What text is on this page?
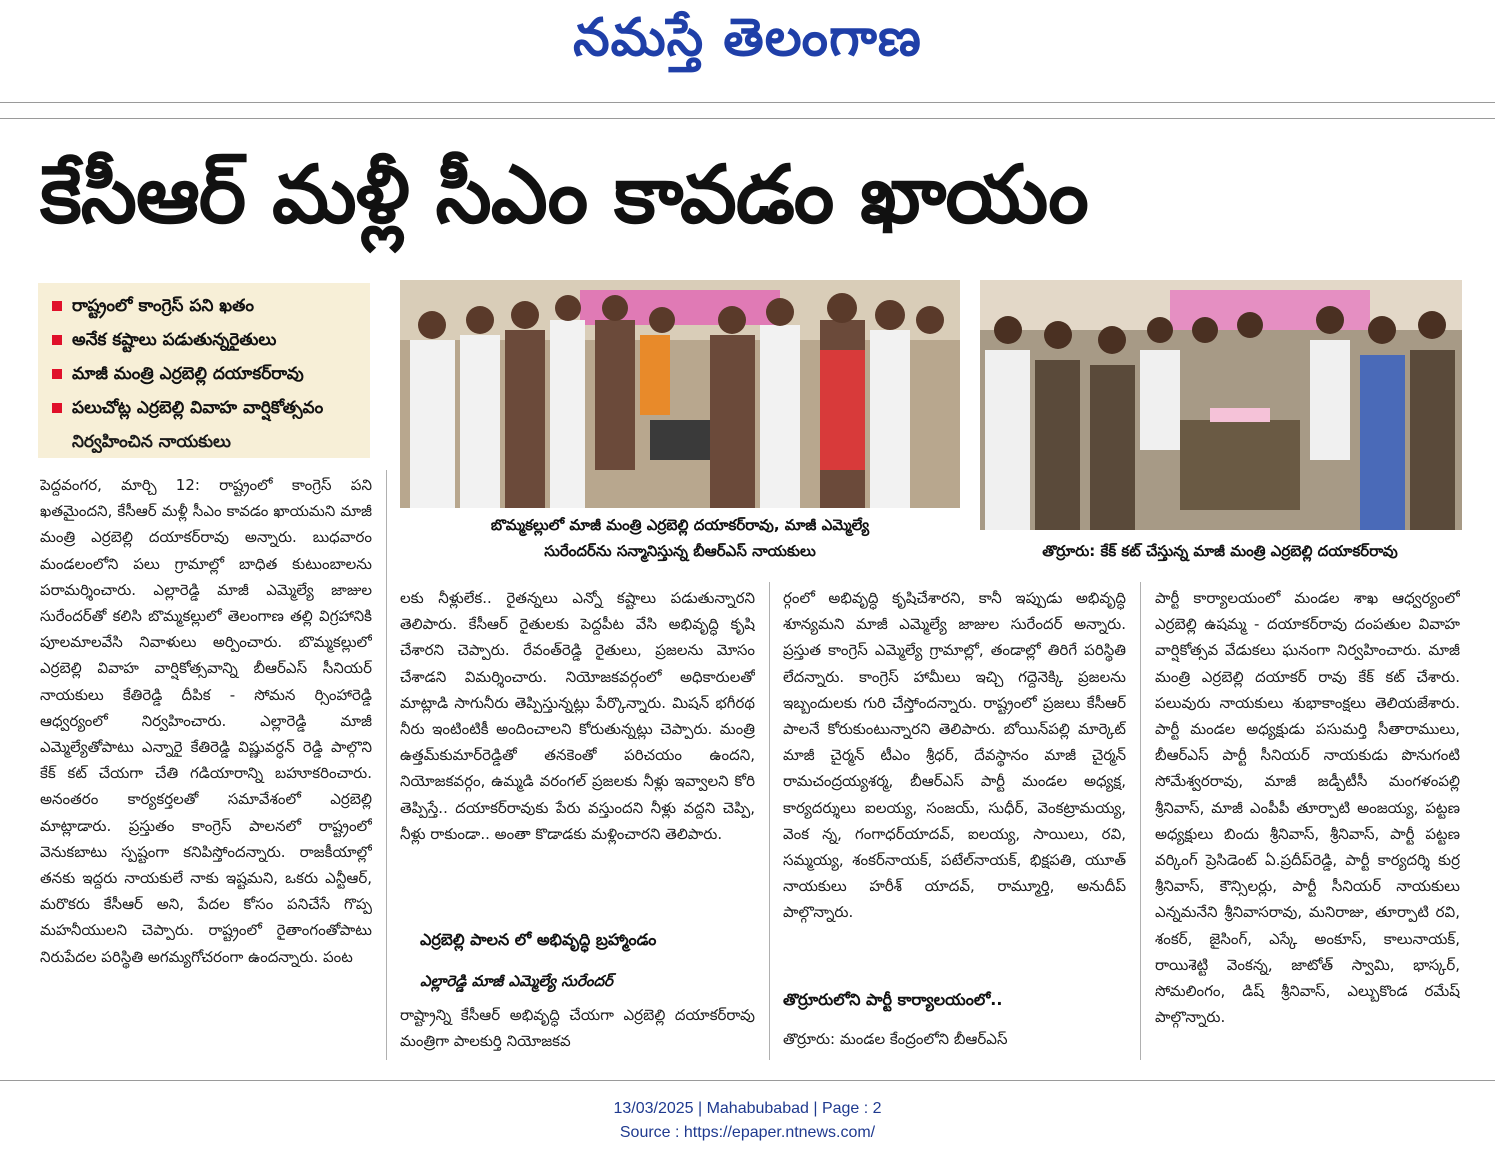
నమస్తే తెలంగాణ
కేసీఆర్ మళ్లీ సీఎం కావడం ఖాయం
రాష్ట్రంలో కాంగ్రెస్ పని ఖతం
అనేక కష్టాలు పడుతున్నరైతులు
మాజీ మంత్రి ఎర్రబెల్లి దయాకర్‌రావు
పలుచోట్ల ఎర్రబెల్లి వివాహ వార్షికోత్సవం
నిర్వహించిన నాయకులు
బొమ్మకల్లులో మాజీ మంత్రి ఎర్రబెల్లి దయాకర్‌రావు, మాజీ ఎమ్మెల్యే
సురేందర్‌ను సన్మానిస్తున్న బీఆర్‌ఎస్ నాయకులు	తొర్రూరు: కేక్ కట్ చేస్తున్న మాజీ మంత్రి ఎర్రబెల్లి దయాకర్‌రావు

పెద్దవంగర, మార్చి 12: రాష్ట్రంలో కాంగ్రెస్ పని ఖతమైందని, కేసీఆర్ మళ్లీ సీఎం కావడం ఖాయమని మాజీ మంత్రి ఎర్రబెల్లి దయాకర్‌రావు అన్నారు. బుధవారం మండలంలోని పలు గ్రామాల్లో బాధిత కుటుంబాలను పరామర్శించారు. ఎల్లారెడ్డి మాజీ ఎమ్మెల్యే జాజుల సురేందర్‌తో కలిసి బొమ్మకల్లులో తెలంగాణ తల్లి విగ్రహానికి పూలమాలవేసి నివాళులు అర్పించారు. బొమ్మకల్లులో ఎర్రబెల్లి వివాహ వార్షికోత్సవాన్ని బీఆర్‌ఎస్ సీనియర్ నాయకులు కేతిరెడ్డి దీపిక - సోమన ర్సింహారెడ్డి ఆధ్వర్యంలో నిర్వహించారు. ఎల్లారెడ్డి మాజీ ఎమ్మెల్యేతోపాటు ఎన్నారై కేతిరెడ్డి విష్ణువర్ధన్ రెడ్డి పాల్గొని కేక్ కట్ చేయగా చేతి గడియారాన్ని బహూకరించారు. అనంతరం కార్యకర్తలతో సమావేశంలో ఎర్రబెల్లి మాట్లాడారు. ప్రస్తుతం కాంగ్రెస్ పాలనలో రాష్ట్రంలో వెనుకబాటు స్పష్టంగా కనిపిస్తోందన్నారు. రాజకీయాల్లో తనకు ఇద్దరు నాయకులే నాకు ఇష్టమని, ఒకరు ఎన్టీఆర్, మరొకరు కేసీఆర్ అని, పేదల కోసం పనిచేసే గొప్ప మహనీయులని చెప్పారు. రాష్ట్రంలో రైతాంగంతోపాటు నిరుపేదల పరిస్థితి అగమ్యగోచరంగా ఉందన్నారు. పంట

లకు నీళ్లులేక.. రైతన్నలు ఎన్నో కష్టాలు పడుతున్నారని తెలిపారు. కేసీఆర్ రైతులకు పెద్దపీట వేసి అభివృద్ధి కృషి చేశారని చెప్పారు. రేవంత్‌రెడ్డి రైతులు, ప్రజలను మోసం చేశాడని విమర్శించారు. నియోజకవర్గంలో అధికారులతో మాట్లాడి సాగునీరు తెప్పిస్తున్నట్లు పేర్కొన్నారు. మిషన్ భగీరథ నీరు ఇంటింటికీ అందించాలని కోరుతున్నట్లు చెప్పారు. మంత్రి ఉత్తమ్‌కుమార్‌రెడ్డితో తనకెంతో పరిచయం ఉందని, నియోజకవర్గం, ఉమ్మడి వరంగల్ ప్రజలకు నీళ్లు ఇవ్వాలని కోరి తెప్పిస్తే.. దయాకర్‌రావుకు పేరు వస్తుందని నీళ్లు వద్దని చెప్పి, నీళ్లు రాకుండా.. అంతా కొడాడకు మళ్లించారని తెలిపారు.

ఎర్రబెల్లి పాలన లో అభివృద్ధి బ్రహ్మాండం
ఎల్లారెడ్డి మాజీ ఎమ్మెల్యే సురేందర్

రాష్ట్రాన్ని కేసీఆర్ అభివృద్ధి చేయగా ఎర్రబెల్లి దయాకర్‌రావు మంత్రిగా పాలకుర్తి నియోజకవ

ర్గంలో అభివృద్ధి కృషిచేశారని, కానీ ఇప్పుడు అభివృద్ధి శూన్యమని మాజీ ఎమ్మెల్యే జాజుల సురేందర్ అన్నారు. ప్రస్తుత కాంగ్రెస్ ఎమ్మెల్యే గ్రామాల్లో, తండాల్లో తిరిగే పరిస్థితి లేదన్నారు. కాంగ్రెస్ హామీలు ఇచ్చి గద్దెనెక్కి ప్రజలను ఇబ్బందులకు గురి చేస్తోందన్నారు. రాష్ట్రంలో ప్రజలు కేసీఆర్ పాలనే కోరుకుంటున్నారని తెలిపారు. బోయిన్‌పల్లి మార్కెట్ మాజీ చైర్మన్ టీఎం శ్రీధర్, దేవస్థానం మాజీ చైర్మన్ రామచంద్రయ్యశర్మ, బీఆర్‌ఎస్ పార్టీ మండల అధ్యక్ష, కార్యదర్శులు ఐలయ్య, సంజయ్, సుధీర్, వెంకట్రామయ్య, వెంక న్న, గంగాధర్‌యాదవ్, ఐలయ్య, సాయిలు, రవి, సమ్మయ్య, శంకర్‌నాయక్, పటేల్‌నాయక్, భిక్షపతి, యూత్ నాయకులు హరీశ్ యాదవ్, రామ్మూర్తి, అనుదీప్ పాల్గొన్నారు.

తొర్రూరులోని పార్టీ కార్యాలయంలో..

తొర్రూరు: మండల కేంద్రంలోని బీఆర్‌ఎస్

పార్టీ కార్యాలయంలో మండల శాఖ ఆధ్వర్యంలో ఎర్రబెల్లి ఉషమ్మ - దయాకర్‌రావు దంపతుల వివాహ వార్షికోత్సవ వేడుకలు ఘనంగా నిర్వహించారు. మాజీ మంత్రి ఎర్రబెల్లి దయాకర్ రావు కేక్ కట్ చేశారు. పలువురు నాయకులు శుభాకాంక్షలు తెలియజేశారు. పార్టీ మండల అధ్యక్షుడు పసుమర్తి సీతారాములు, బీఆర్‌ఎస్ పార్టీ సీనియర్ నాయకుడు పొనుగంటి సోమేశ్వరరావు, మాజీ జడ్పీటీసీ మంగళంపల్లి శ్రీనివాస్, మాజీ ఎంపీపీ తూర్పాటి అంజయ్య, పట్టణ అధ్యక్షులు బిందు శ్రీనివాస్, శ్రీనివాస్, పార్టీ పట్టణ వర్కింగ్ ప్రెసిడెంట్ ఏ.ప్రదీప్‌రెడ్డి, పార్టీ కార్యదర్శి కుర్ర శ్రీనివాస్, కౌన్సిలర్లు, పార్టీ సీనియర్ నాయకులు ఎన్నమనేని శ్రీనివాసరావు, మనిరాజు, తూర్పాటి రవి, శంకర్, జైసింగ్, ఎస్కే అంకూస్, కాలునాయక్, రాయిశెట్టి వెంకన్న, జాటోత్ స్వామి, భాస్కర్, సోమలింగం, డిష్ శ్రీనివాస్, ఎల్బుకొండ రమేష్ పాల్గొన్నారు.

13/03/2025 | Mahabubabad | Page : 2
Source : https://epaper.ntnews.com/
